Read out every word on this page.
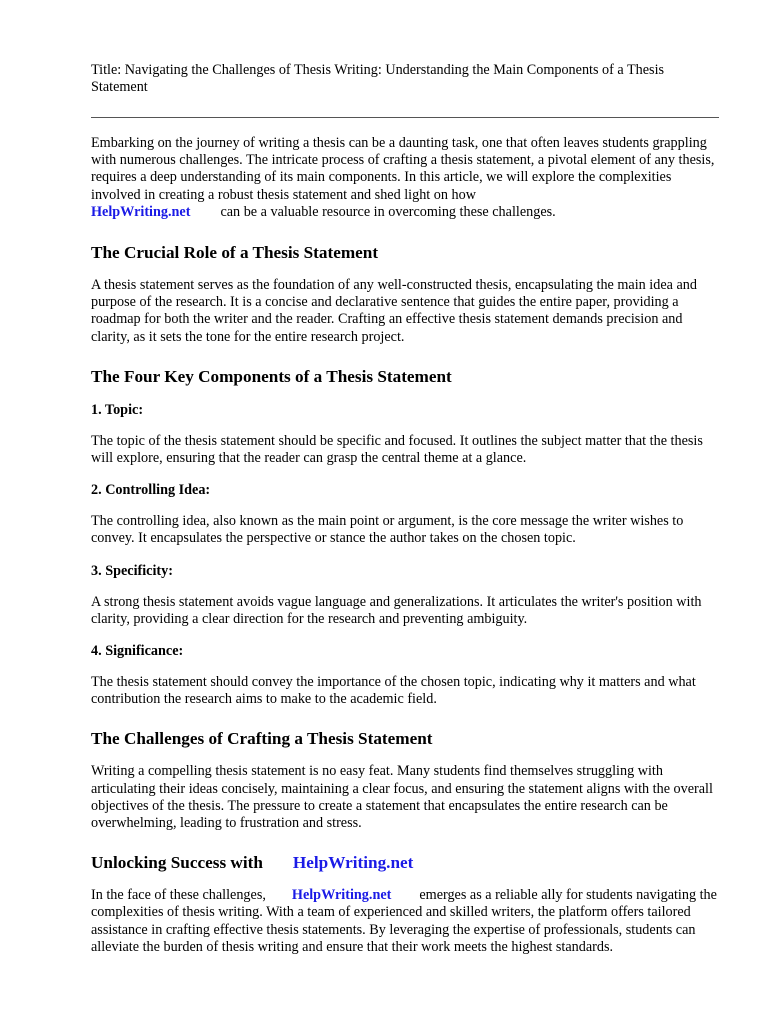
Title: Navigating the Challenges of Thesis Writing: Understanding the Main Components of a Thesis Statement

Embarking on the journey of writing a thesis can be a daunting task, one that often leaves students grappling with numerous challenges. The intricate process of crafting a thesis statement, a pivotal element of any thesis, requires a deep understanding of its main components. In this article, we will explore the complexities involved in creating a robust thesis statement and shed light on how
HelpWriting.net can be a valuable resource in overcoming these challenges.

The Crucial Role of a Thesis Statement

A thesis statement serves as the foundation of any well-constructed thesis, encapsulating the main idea and purpose of the research. It is a concise and declarative sentence that guides the entire paper, providing a roadmap for both the writer and the reader. Crafting an effective thesis statement demands precision and clarity, as it sets the tone for the entire research project.

The Four Key Components of a Thesis Statement
1. Topic:

The topic of the thesis statement should be specific and focused. It outlines the subject matter that the thesis will explore, ensuring that the reader can grasp the central theme at a glance.

2. Controlling Idea:

The controlling idea, also known as the main point or argument, is the core message the writer wishes to convey. It encapsulates the perspective or stance the author takes on the chosen topic.

3. Specificity:

A strong thesis statement avoids vague language and generalizations. It articulates the writer's position with clarity, providing a clear direction for the research and preventing ambiguity.

4. Significance:

The thesis statement should convey the importance of the chosen topic, indicating why it matters and what contribution the research aims to make to the academic field.

The Challenges of Crafting a Thesis Statement

Writing a compelling thesis statement is no easy feat. Many students find themselves struggling with articulating their ideas concisely, maintaining a clear focus, and ensuring the statement aligns with the overall objectives of the thesis. The pressure to create a statement that encapsulates the entire research can be overwhelming, leading to frustration and stress.

Unlocking Success with HelpWriting.net

In the face of these challenges, HelpWriting.net emerges as a reliable ally for students navigating the complexities of thesis writing. With a team of experienced and skilled writers, the platform offers tailored assistance in crafting effective thesis statements. By leveraging the expertise of professionals, students can alleviate the burden of thesis writing and ensure that their work meets the highest standards.
